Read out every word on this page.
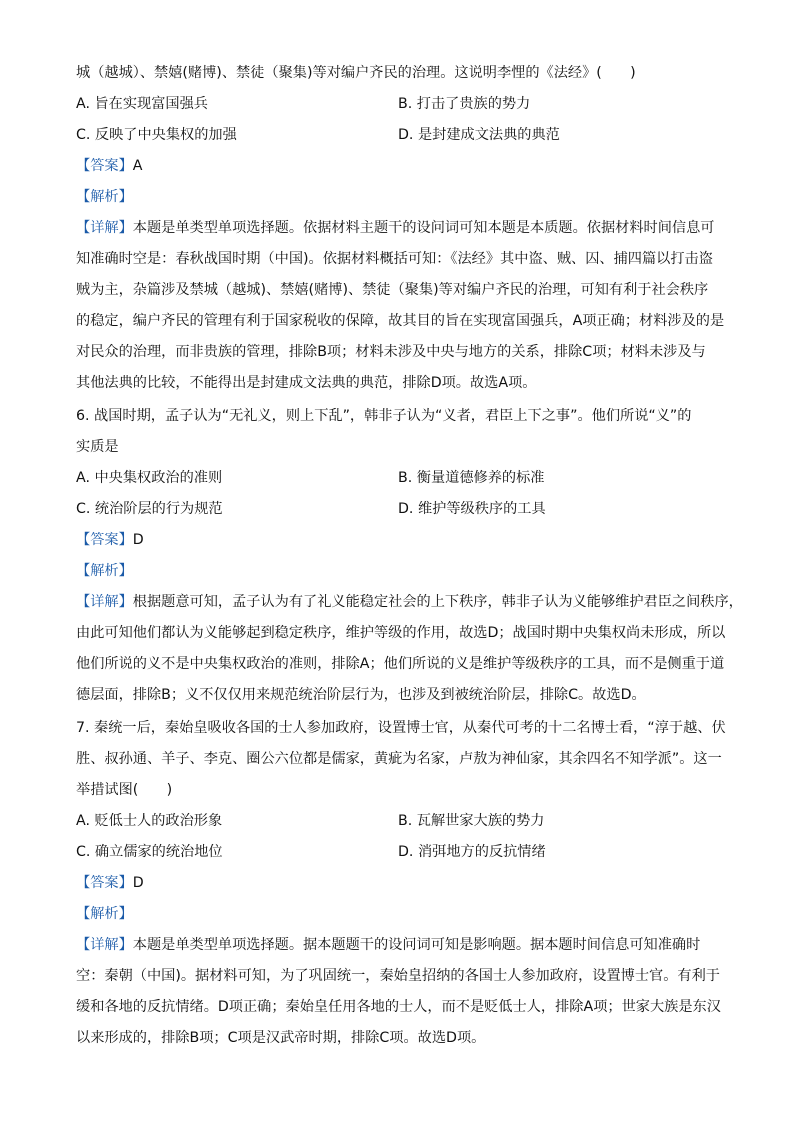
城（越城）、禁嬉(赌博)、禁徒（聚集)等对编户齐民的治理。这说明李悝的《法经》(　　)
A. 旨在实现富国强兵	B. 打击了贵族的势力
C. 反映了中央集权的加强	D. 是封建成文法典的典范
【答案】A
【解析】
【详解】本题是单类型单项选择题。依据材料主题干的设问词可知本题是本质题。依据材料时间信息可
知准确时空是：春秋战国时期（中国)。依据材料概括可知：《法经》其中盗、贼、囚、捕四篇以打击盗
贼为主，杂篇涉及禁城（越城)、禁嬉(赌博)、禁徒（聚集)等对编户齐民的治理，可知有利于社会秩序
的稳定，编户齐民的管理有利于国家税收的保障，故其目的旨在实现富国强兵，A项正确；材料涉及的是
对民众的治理，而非贵族的管理，排除B项；材料未涉及中央与地方的关系，排除C项；材料未涉及与
其他法典的比较，不能得出是封建成文法典的典范，排除D项。故选A项。
6. 战国时期，孟子认为“无礼义，则上下乱”，韩非子认为“义者，君臣上下之事”。他们所说“义”的
实质是
A. 中央集权政治的准则	B. 衡量道德修养的标准
C. 统治阶层的行为规范	D. 维护等级秩序的工具
【答案】D
【解析】
【详解】根据题意可知，孟子认为有了礼义能稳定社会的上下秩序，韩非子认为义能够维护君臣之间秩序，
由此可知他们都认为义能够起到稳定秩序，维护等级的作用，故选D；战国时期中央集权尚未形成，所以
他们所说的义不是中央集权政治的准则，排除A；他们所说的义是维护等级秩序的工具，而不是侧重于道
德层面，排除B；义不仅仅用来规范统治阶层行为，也涉及到被统治阶层，排除C。故选D。
7. 秦统一后，秦始皇吸收各国的士人参加政府，设置博士官，从秦代可考的十二名博士看，“淳于越、伏
胜、叔孙通、羊子、李克、圈公六位都是儒家，黄疵为名家，卢敖为神仙家，其余四名不知学派”。这一
举措试图(　　)
A. 贬低士人的政治形象	B. 瓦解世家大族的势力
C. 确立儒家的统治地位	D. 消弭地方的反抗情绪
【答案】D
【解析】
【详解】本题是单类型单项选择题。据本题题干的设问词可知是影响题。据本题时间信息可知准确时
空：秦朝（中国)。据材料可知，为了巩固统一，秦始皇招纳的各国士人参加政府，设置博士官。有利于
缓和各地的反抗情绪。D项正确；秦始皇任用各地的士人，而不是贬低士人，排除A项；世家大族是东汉
以来形成的，排除B项；C项是汉武帝时期，排除C项。故选D项。
